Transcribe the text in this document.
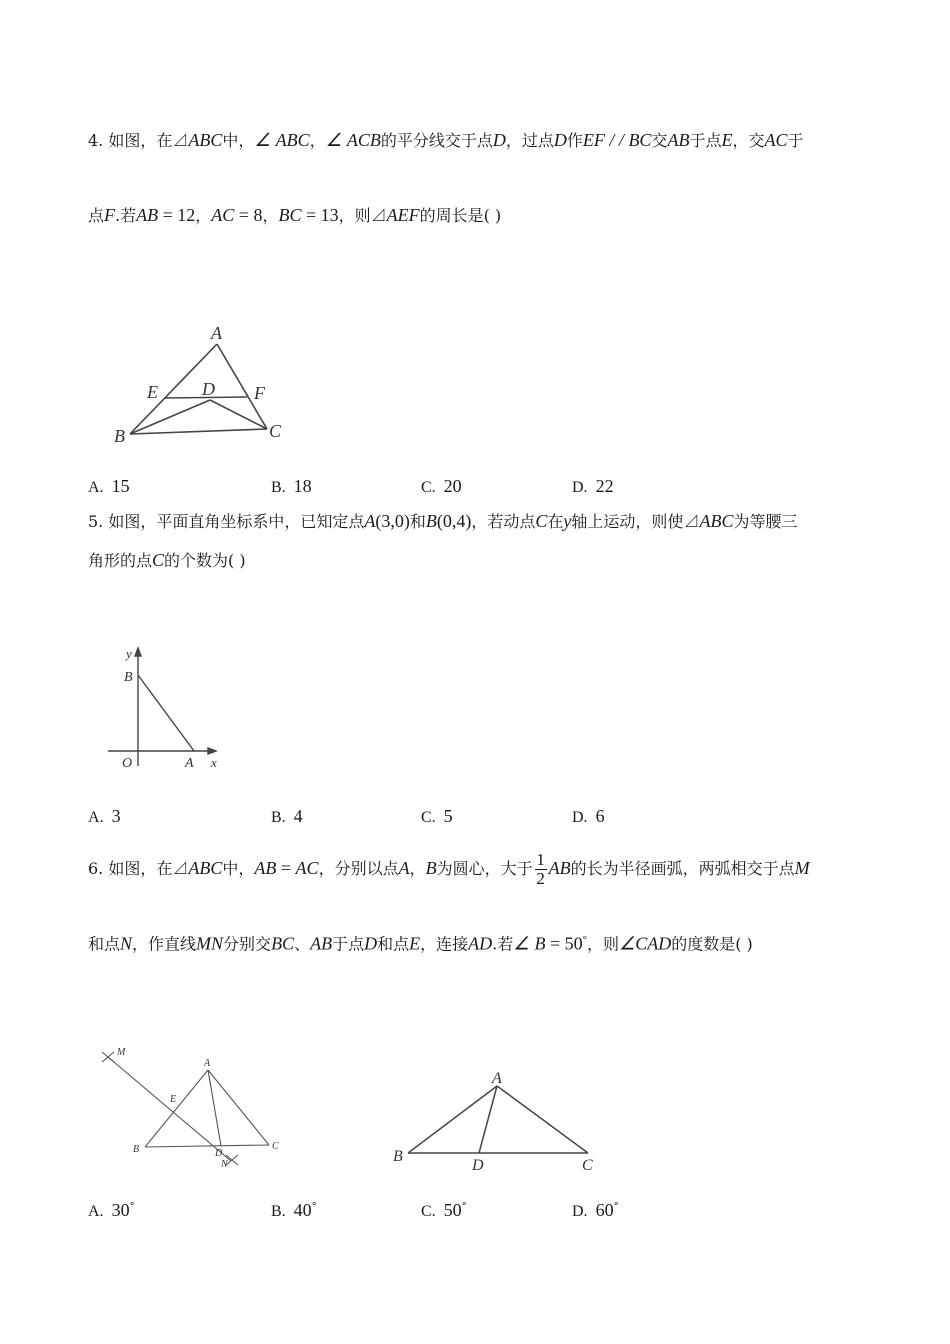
4. 如图，在⊿ABC中，∠ ABC，∠ ACB的平分线交于点D，过点D作EF / / BC交AB于点E，交AC于
点F.若AB = 12，AC = 8，BC = 13，则⊿AEF的周长是( )
A
E D F
B	C
A. 15	B. 18	C. 20	D. 22
5. 如图，平面直角坐标系中，已知定点A(3,0)和B(0,4)，若动点C在y轴上运动，则使⊿ABC为等腰三
角形的点C的个数为( )
y
B
O	A x
A. 3	B. 4	C. 5	D. 6
6. 如图，在⊿ABC中，AB = AC，分别以点A，B为圆心，大于 $\frac{1}{2}$ AB的长为半径画弧，两弧相交于点M
和点N，作直线MN分别交BC、AB于点D和点E，连接AD.若∠ B = 50°，则∠CAD的度数是( )
M
A
E
B	D
N
C
A
B
D	C
A. 30°	B. 40°	C. 50°	D. 60°
